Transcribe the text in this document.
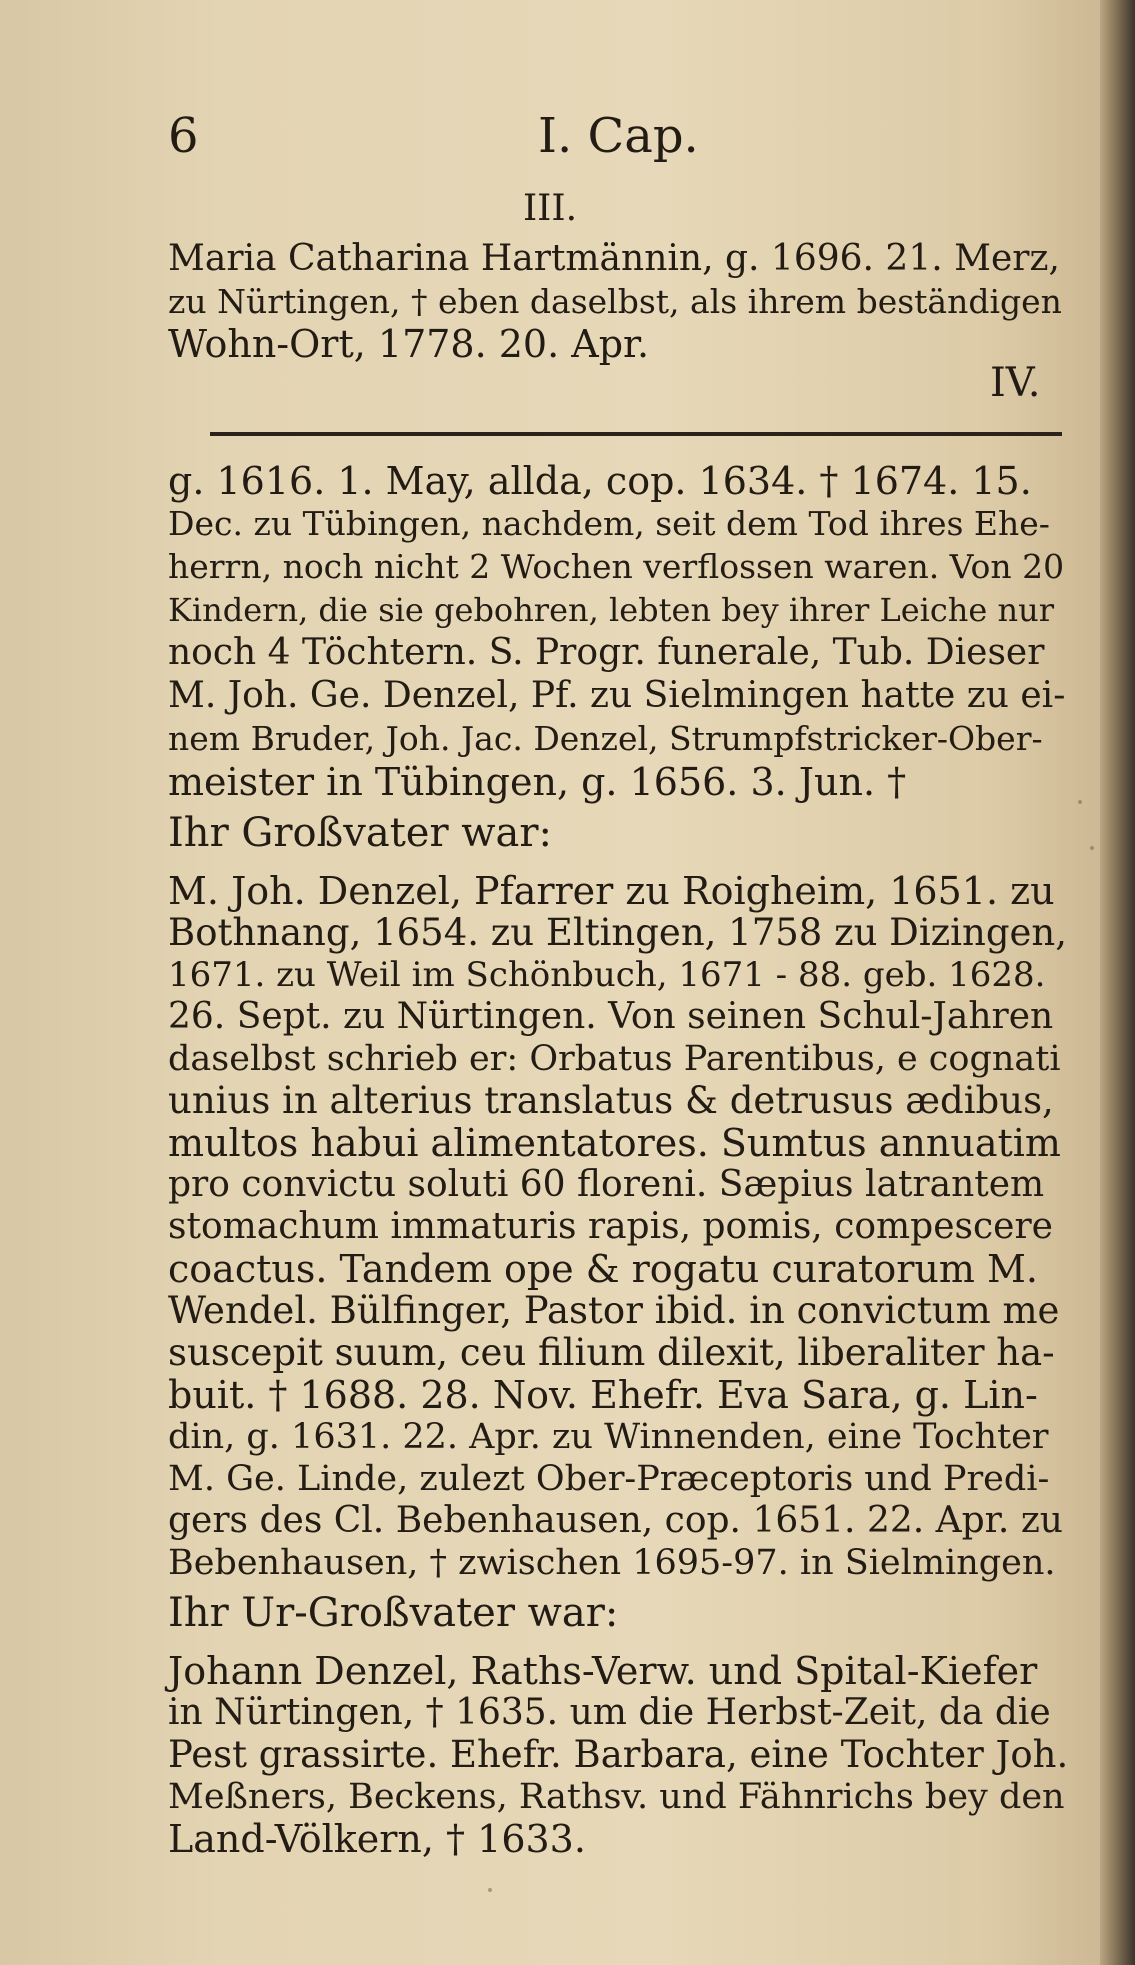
6	I. Cap.
III.
Maria Catharina Hartmännin, g. 1696. 21. Merz,
zu Nürtingen, † eben daselbst, als ihrem beständigen
Wohn-Ort, 1778. 20. Apr.
IV.
g. 1616. 1. May, allda, cop. 1634. † 1674. 15.
Dec. zu Tübingen, nachdem, seit dem Tod ihres Ehe-
herrn, noch nicht 2 Wochen verflossen waren. Von 20
Kindern, die sie gebohren, lebten bey ihrer Leiche nur
noch 4 Töchtern. S. Progr. funerale, Tub. Dieser
M. Joh. Ge. Denzel, Pf. zu Sielmingen hatte zu ei-
nem Bruder, Joh. Jac. Denzel, Strumpfstricker-Ober-
meister in Tübingen, g. 1656. 3. Jun. †
Ihr Großvater war:
M. Joh. Denzel, Pfarrer zu Roigheim, 1651. zu
Bothnang, 1654. zu Eltingen, 1758 zu Dizingen,
1671. zu Weil im Schönbuch, 1671 - 88. geb. 1628.
26. Sept. zu Nürtingen. Von seinen Schul-Jahren
daselbst schrieb er: Orbatus Parentibus, e cognati
unius in alterius translatus & detrusus ædibus,
multos habui alimentatores. Sumtus annuatim
pro convictu soluti 60 floreni. Sæpius latrantem
stomachum immaturis rapis, pomis, compescere
coactus. Tandem ope & rogatu curatorum M.
Wendel. Bülfinger, Pastor ibid. in convictum me
suscepit suum, ceu filium dilexit, liberaliter ha-
buit. † 1688. 28. Nov. Ehefr. Eva Sara, g. Lin-
din, g. 1631. 22. Apr. zu Winnenden, eine Tochter
M. Ge. Linde, zulezt Ober-Præceptoris und Predi-
gers des Cl. Bebenhausen, cop. 1651. 22. Apr. zu
Bebenhausen, † zwischen 1695-97. in Sielmingen.
Ihr Ur-Großvater war:
Johann Denzel, Raths-Verw. und Spital-Kiefer
in Nürtingen, † 1635. um die Herbst-Zeit, da die
Pest grassirte. Ehefr. Barbara, eine Tochter Joh.
Meßners, Beckens, Rathsv. und Fähnrichs bey den
Land-Völkern, † 1633.
